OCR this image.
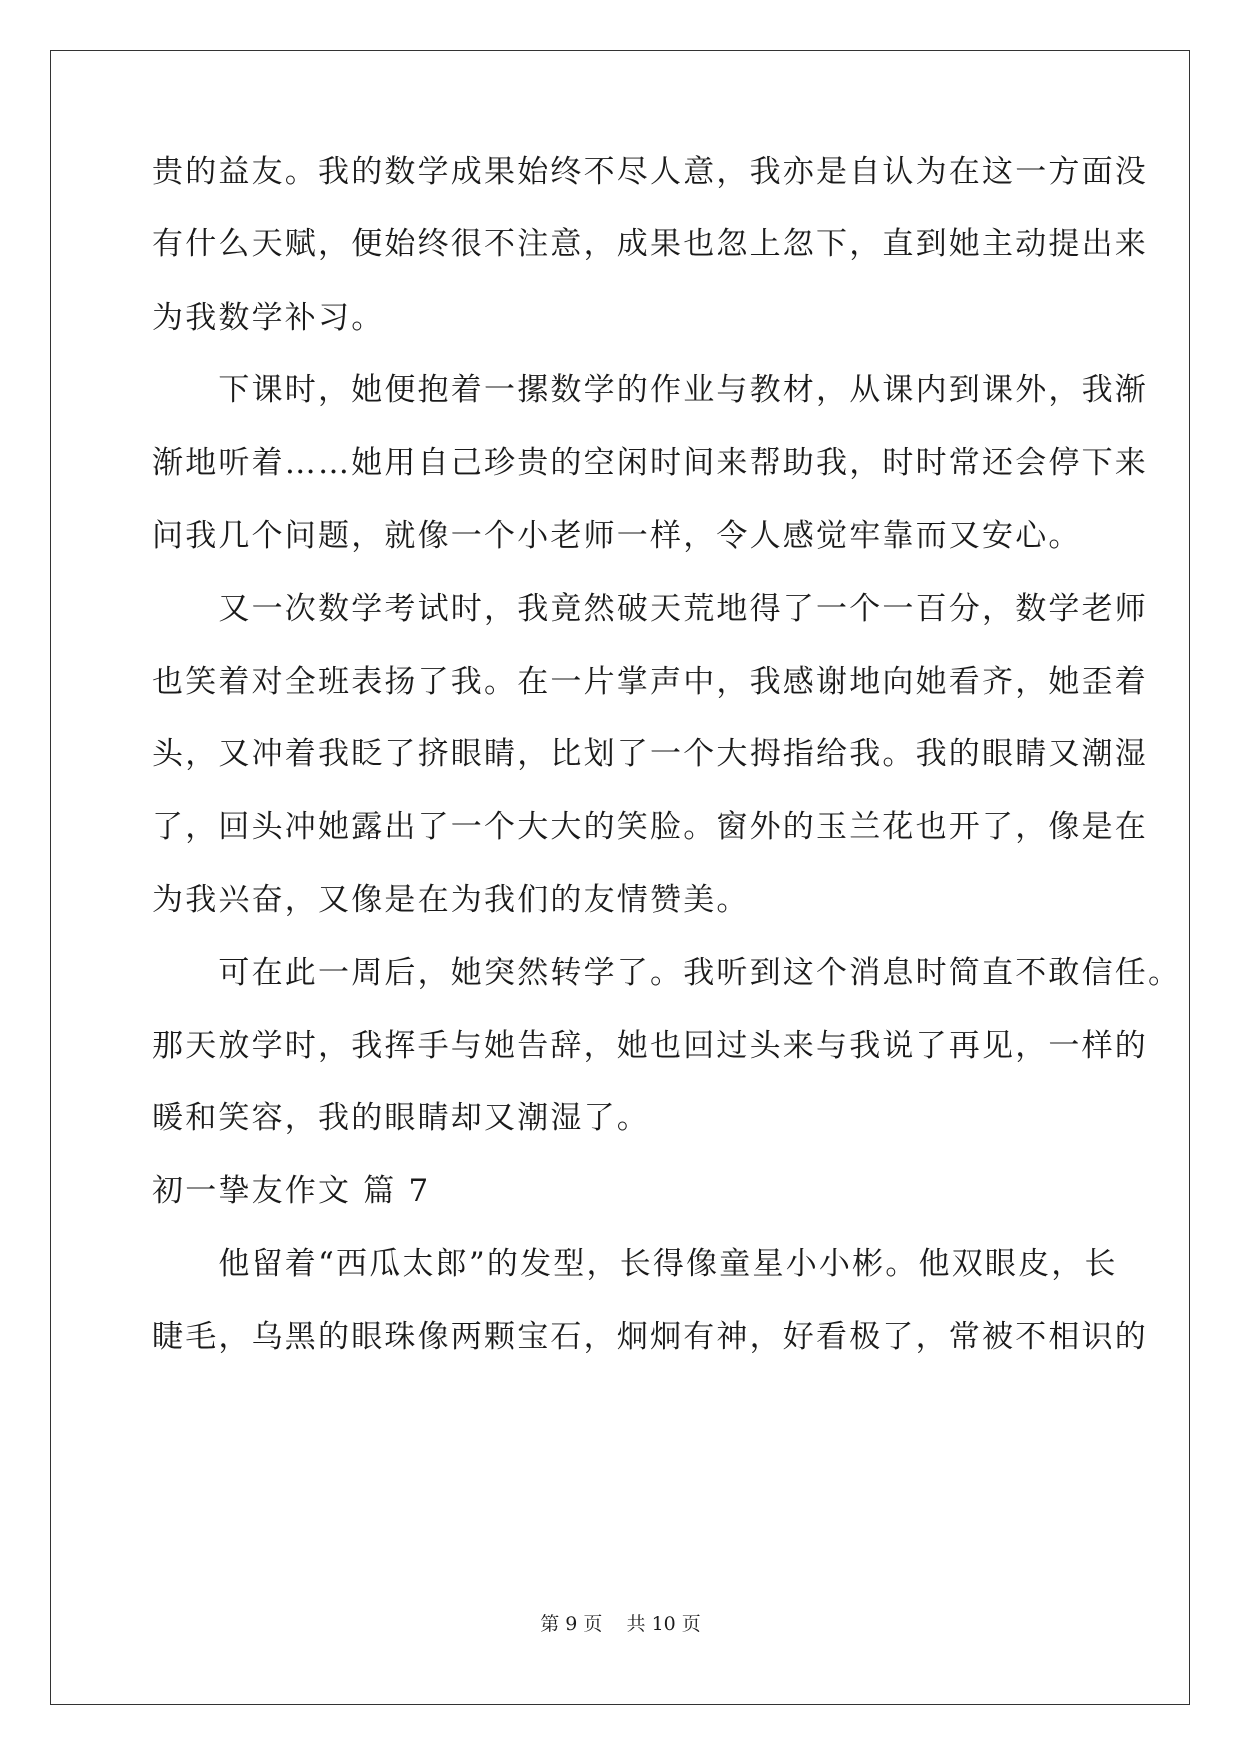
贵的益友。我的数学成果始终不尽人意，我亦是自认为在这一方面没
有什么天赋，便始终很不注意，成果也忽上忽下，直到她主动提出来
为我数学补习。
　　下课时，她便抱着一摞数学的作业与教材，从课内到课外，我渐
渐地听着……她用自己珍贵的空闲时间来帮助我，时时常还会停下来
问我几个问题，就像一个小老师一样，令人感觉牢靠而又安心。
　　又一次数学考试时，我竟然破天荒地得了一个一百分，数学老师
也笑着对全班表扬了我。在一片掌声中，我感谢地向她看齐，她歪着
头，又冲着我眨了挤眼睛，比划了一个大拇指给我。我的眼睛又潮湿
了，回头冲她露出了一个大大的笑脸。窗外的玉兰花也开了，像是在
为我兴奋，又像是在为我们的友情赞美。
　　可在此一周后，她突然转学了。我听到这个消息时简直不敢信任。
那天放学时，我挥手与她告辞，她也回过头来与我说了再见，一样的
暖和笑容，我的眼睛却又潮湿了。
初一挚友作文 篇 7
　　他留着“西瓜太郎”的发型，长得像童星小小彬。他双眼皮，长
睫毛，乌黑的眼珠像两颗宝石，炯炯有神，好看极了，常被不相识的
第 9 页    共 10 页
